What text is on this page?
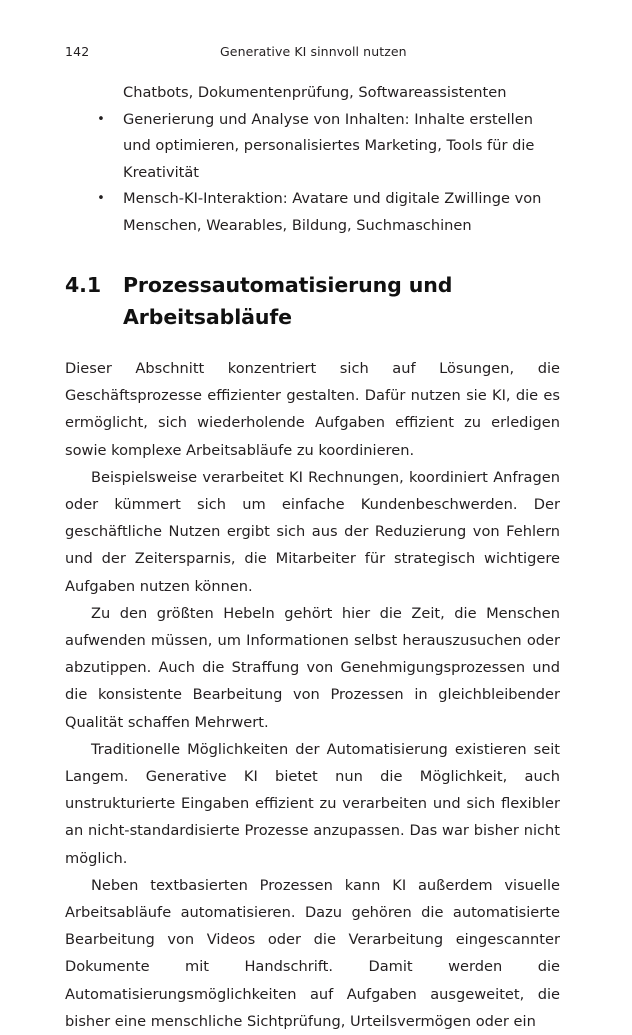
142	Generative KI sinnvoll nutzen
Chatbots, Dokumentenprüfung, Softwareassistenten
• Generierung und Analyse von Inhalten: Inhalte erstellen und optimieren, personalisiertes Marketing, Tools für die Kreativität
• Mensch-KI-Interaktion: Avatare und digitale Zwillinge von Menschen, Wearables, Bildung, Suchmaschinen
4.1	Prozessautomatisierung und Arbeitsabläufe

Dieser Abschnitt konzentriert sich auf Lösungen, die Geschäftsprozesse effizienter gestalten. Dafür nutzen sie KI, die es ermöglicht, sich wiederholende Aufgaben effizient zu erledigen sowie komplexe Arbeitsabläufe zu koordinieren.

Beispielsweise verarbeitet KI Rechnungen, koordiniert Anfragen oder kümmert sich um einfache Kundenbeschwerden. Der geschäftliche Nutzen ergibt sich aus der Reduzierung von Fehlern und der Zeitersparnis, die Mitarbeiter für strategisch wichtigere Aufgaben nutzen können.

Zu den größten Hebeln gehört hier die Zeit, die Menschen aufwenden müssen, um Informationen selbst herauszusuchen oder abzutippen. Auch die Straffung von Genehmigungsprozessen und die konsistente Bearbeitung von Prozessen in gleichbleibender Qualität schaffen Mehrwert.

Traditionelle Möglichkeiten der Automatisierung existieren seit Langem. Generative KI bietet nun die Möglichkeit, auch unstrukturierte Eingaben effizient zu verarbeiten und sich flexibler an nicht-standardisierte Prozesse anzupassen. Das war bisher nicht möglich.

Neben textbasierten Prozessen kann KI außerdem visuelle Arbeitsabläufe automatisieren. Dazu gehören die automatisierte Bearbeitung von Videos oder die Verarbeitung eingescannter Dokumente mit Handschrift. Damit werden die Automatisierungsmöglichkeiten auf Aufgaben ausgeweitet, die bisher eine menschliche Sichtprüfung, Urteilsvermögen oder ein
